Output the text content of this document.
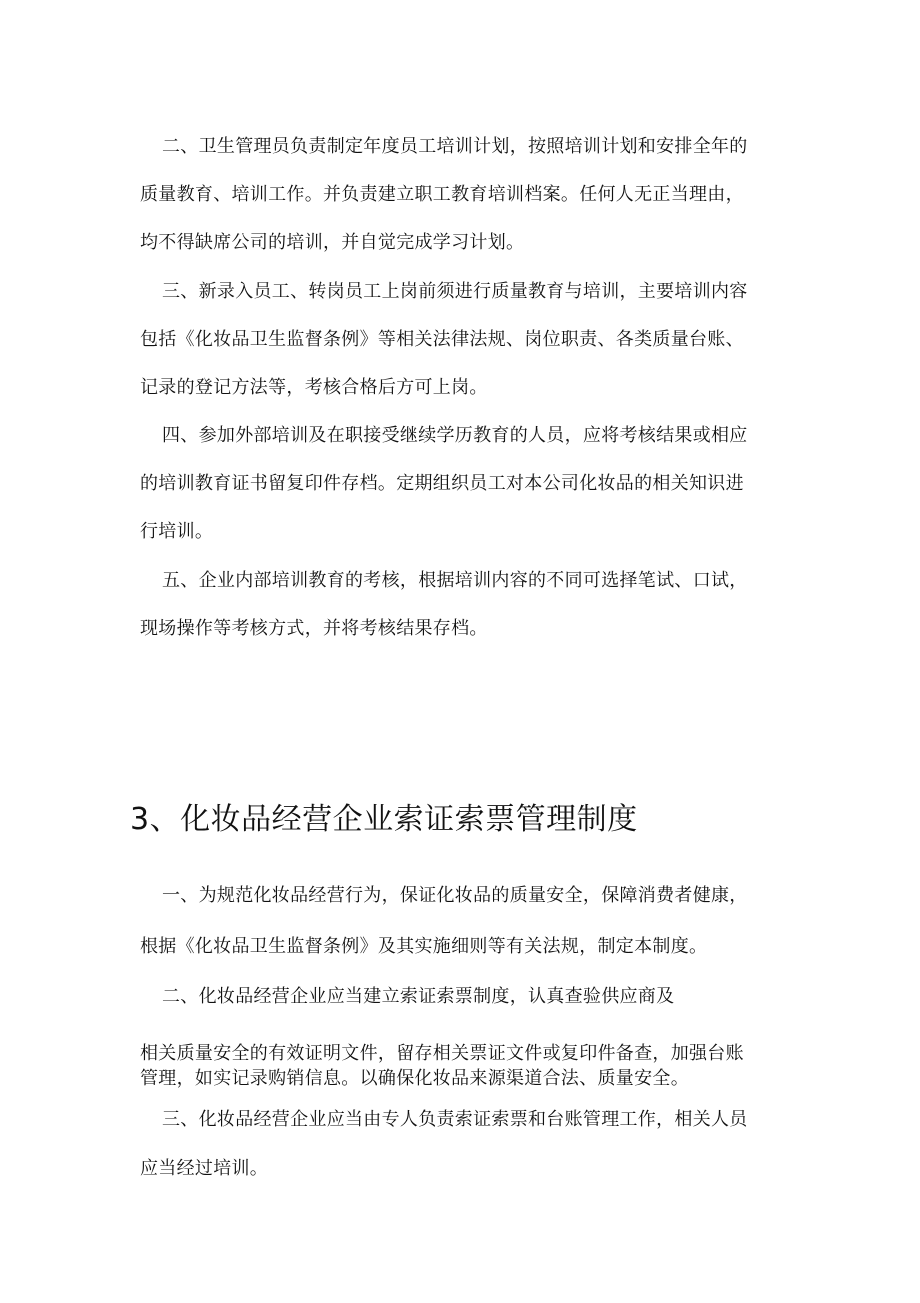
二、卫生管理员负责制定年度员工培训计划，按照培训计划和安排全年的
质量教育、培训工作。并负责建立职工教育培训档案。任何人无正当理由，
均不得缺席公司的培训，并自觉完成学习计划。
三、新录入员工、转岗员工上岗前须进行质量教育与培训，主要培训内容
包括《化妆品卫生监督条例》等相关法律法规、岗位职责、各类质量台账、
记录的登记方法等，考核合格后方可上岗。
四、参加外部培训及在职接受继续学历教育的人员，应将考核结果或相应
的培训教育证书留复印件存档。定期组织员工对本公司化妆品的相关知识进
行培训。
五、企业内部培训教育的考核，根据培训内容的不同可选择笔试、口试，
现场操作等考核方式，并将考核结果存档。
3、化妆品经营企业索证索票管理制度
一、为规范化妆品经营行为，保证化妆品的质量安全，保障消费者健康，
根据《化妆品卫生监督条例》及其实施细则等有关法规，制定本制度。
二、化妆品经营企业应当建立索证索票制度，认真查验供应商及
相关质量安全的有效证明文件，留存相关票证文件或复印件备查，加强台账
管理，如实记录购销信息。以确保化妆品来源渠道合法、质量安全。
三、化妆品经营企业应当由专人负责索证索票和台账管理工作，相关人员
应当经过培训。
